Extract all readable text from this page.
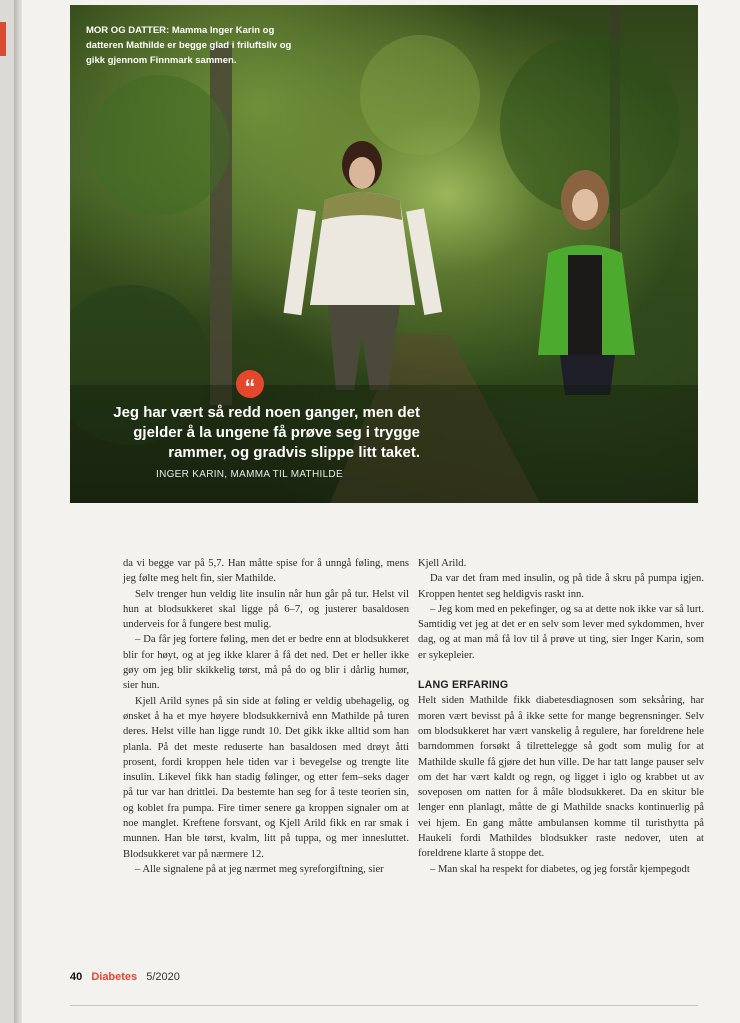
MOR OG DATTER: Mamma Inger Karin og datteren Mathilde er begge glad i friluftsliv og gikk gjennom Finnmark sammen.
“
Jeg har vært så redd noen ganger, men det
gjelder å la ungene få prøve seg i trygge
rammer, og gradvis slippe litt taket.
INGER KARIN, MAMMA TIL MATHILDE

da vi begge var på 5,7. Han måtte spise for å unngå føling, mens jeg følte meg helt fin, sier Mathilde.

Selv trenger hun veldig lite insulin når hun går på tur. Helst vil hun at blodsukkeret skal ligge på 6–7, og justerer basaldosen underveis for å fungere best mulig.

– Da får jeg fortere føling, men det er bedre enn at blodsukkeret blir for høyt, og at jeg ikke klarer å få det ned. Det er heller ikke gøy om jeg blir skikkelig tørst, må på do og blir i dårlig humør, sier hun.

Kjell Arild synes på sin side at føling er veldig ubehagelig, og ønsket å ha et mye høyere blodsukkernivå enn Mathilde på turen deres. Helst ville han ligge rundt 10. Det gikk ikke alltid som han planla. På det meste reduserte han basaldosen med drøyt åtti prosent, fordi kroppen hele tiden var i bevegelse og trengte lite insulin. Likevel fikk han stadig følinger, og etter fem–seks dager på tur var han drittlei. Da bestemte han seg for å teste teorien sin, og koblet fra pumpa. Fire timer senere ga kroppen signaler om at noe manglet. Kreftene forsvant, og Kjell Arild fikk en rar smak i munnen. Han ble tørst, kvalm, litt på tuppa, og mer innesluttet. Blodsukkeret var på nærmere 12.

– Alle signalene på at jeg nærmet meg syreforgiftning, sier

Kjell Arild.

Da var det fram med insulin, og på tide å skru på pumpa igjen. Kroppen hentet seg heldigvis raskt inn.

– Jeg kom med en pekefinger, og sa at dette nok ikke var så lurt. Samtidig vet jeg at det er en selv som lever med sykdommen, hver dag, og at man må få lov til å prøve ut ting, sier Inger Karin, som er sykepleier.

LANG ERFARING

Helt siden Mathilde fikk diabetesdiagnosen som seksåring, har moren vært bevisst på å ikke sette for mange begrensninger. Selv om blodsukkeret har vært vanskelig å regulere, har foreldrene hele barndommen forsøkt å tilrettelegge så godt som mulig for at Mathilde skulle få gjøre det hun ville. De har tatt lange pauser selv om det har vært kaldt og regn, og ligget i iglo og krabbet ut av soveposen om natten for å måle blodsukkeret. Da en skitur ble lenger enn planlagt, måtte de gi Mathilde snacks kontinuerlig på vei hjem. En gang måtte ambulansen komme til turisthytta på Haukeli fordi Mathildes blodsukker raste nedover, uten at foreldrene klarte å stoppe det.

– Man skal ha respekt for diabetes, og jeg forstår kjempegodt

40 Diabetes 5/2020
